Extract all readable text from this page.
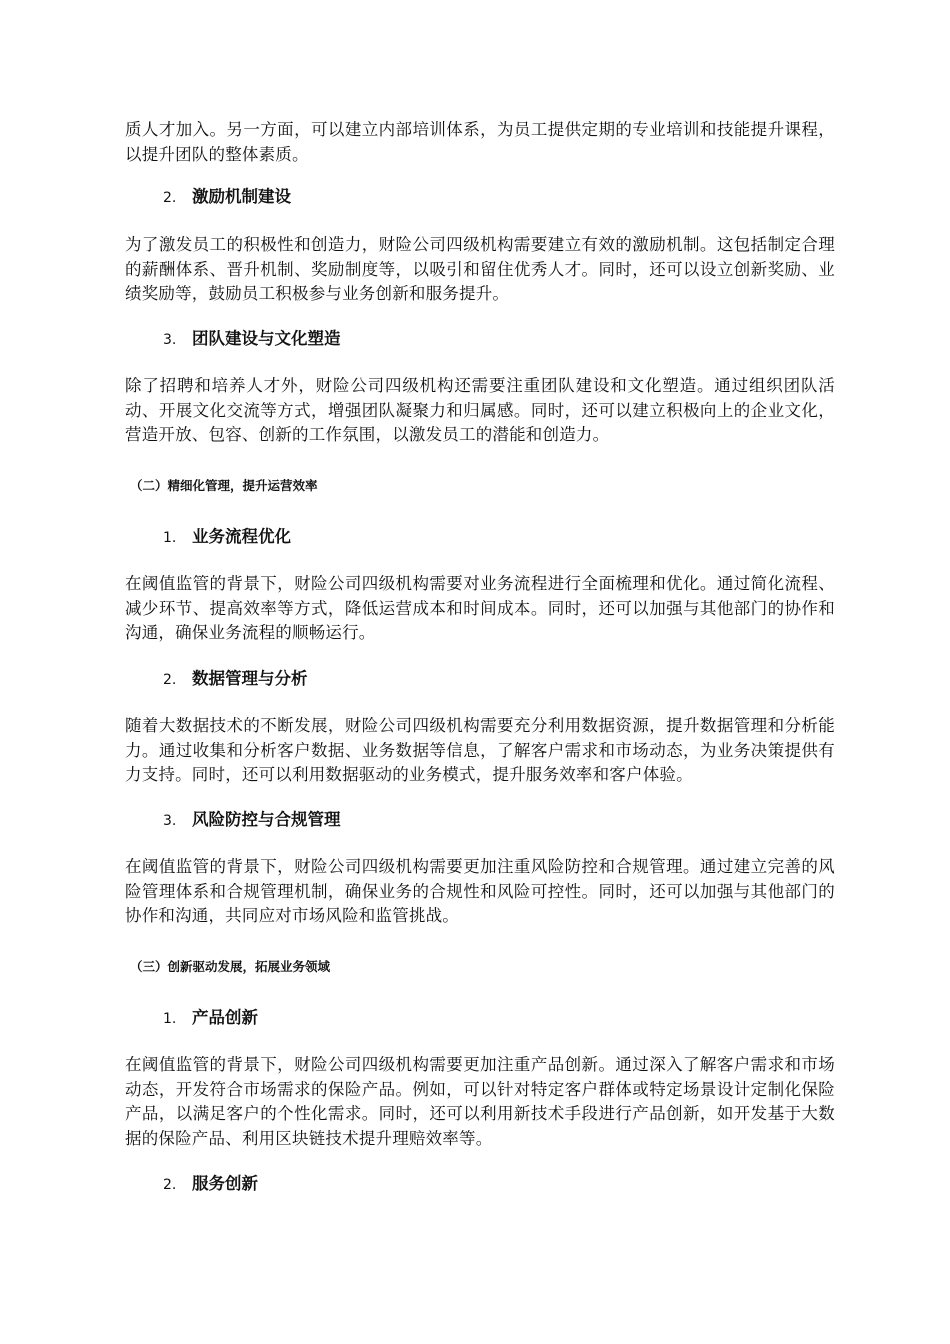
质人才加入。另一方面，可以建立内部培训体系，为员工提供定期的专业培训和技能提升课程，以提升团队的整体素质。

2. 激励机制建设

为了激发员工的积极性和创造力，财险公司四级机构需要建立有效的激励机制。这包括制定合理的薪酬体系、晋升机制、奖励制度等，以吸引和留住优秀人才。同时，还可以设立创新奖励、业绩奖励等，鼓励员工积极参与业务创新和服务提升。

3. 团队建设与文化塑造

除了招聘和培养人才外，财险公司四级机构还需要注重团队建设和文化塑造。通过组织团队活动、开展文化交流等方式，增强团队凝聚力和归属感。同时，还可以建立积极向上的企业文化，营造开放、包容、创新的工作氛围，以激发员工的潜能和创造力。

（二）精细化管理，提升运营效率
1. 业务流程优化

在阈值监管的背景下，财险公司四级机构需要对业务流程进行全面梳理和优化。通过简化流程、减少环节、提高效率等方式，降低运营成本和时间成本。同时，还可以加强与其他部门的协作和沟通，确保业务流程的顺畅运行。

2. 数据管理与分析

随着大数据技术的不断发展，财险公司四级机构需要充分利用数据资源，提升数据管理和分析能力。通过收集和分析客户数据、业务数据等信息，了解客户需求和市场动态，为业务决策提供有力支持。同时，还可以利用数据驱动的业务模式，提升服务效率和客户体验。

3. 风险防控与合规管理

在阈值监管的背景下，财险公司四级机构需要更加注重风险防控和合规管理。通过建立完善的风险管理体系和合规管理机制，确保业务的合规性和风险可控性。同时，还可以加强与其他部门的协作和沟通，共同应对市场风险和监管挑战。

（三）创新驱动发展，拓展业务领域
1. 产品创新

在阈值监管的背景下，财险公司四级机构需要更加注重产品创新。通过深入了解客户需求和市场动态，开发符合市场需求的保险产品。例如，可以针对特定客户群体或特定场景设计定制化保险产品，以满足客户的个性化需求。同时，还可以利用新技术手段进行产品创新，如开发基于大数据的保险产品、利用区块链技术提升理赔效率等。

2. 服务创新
